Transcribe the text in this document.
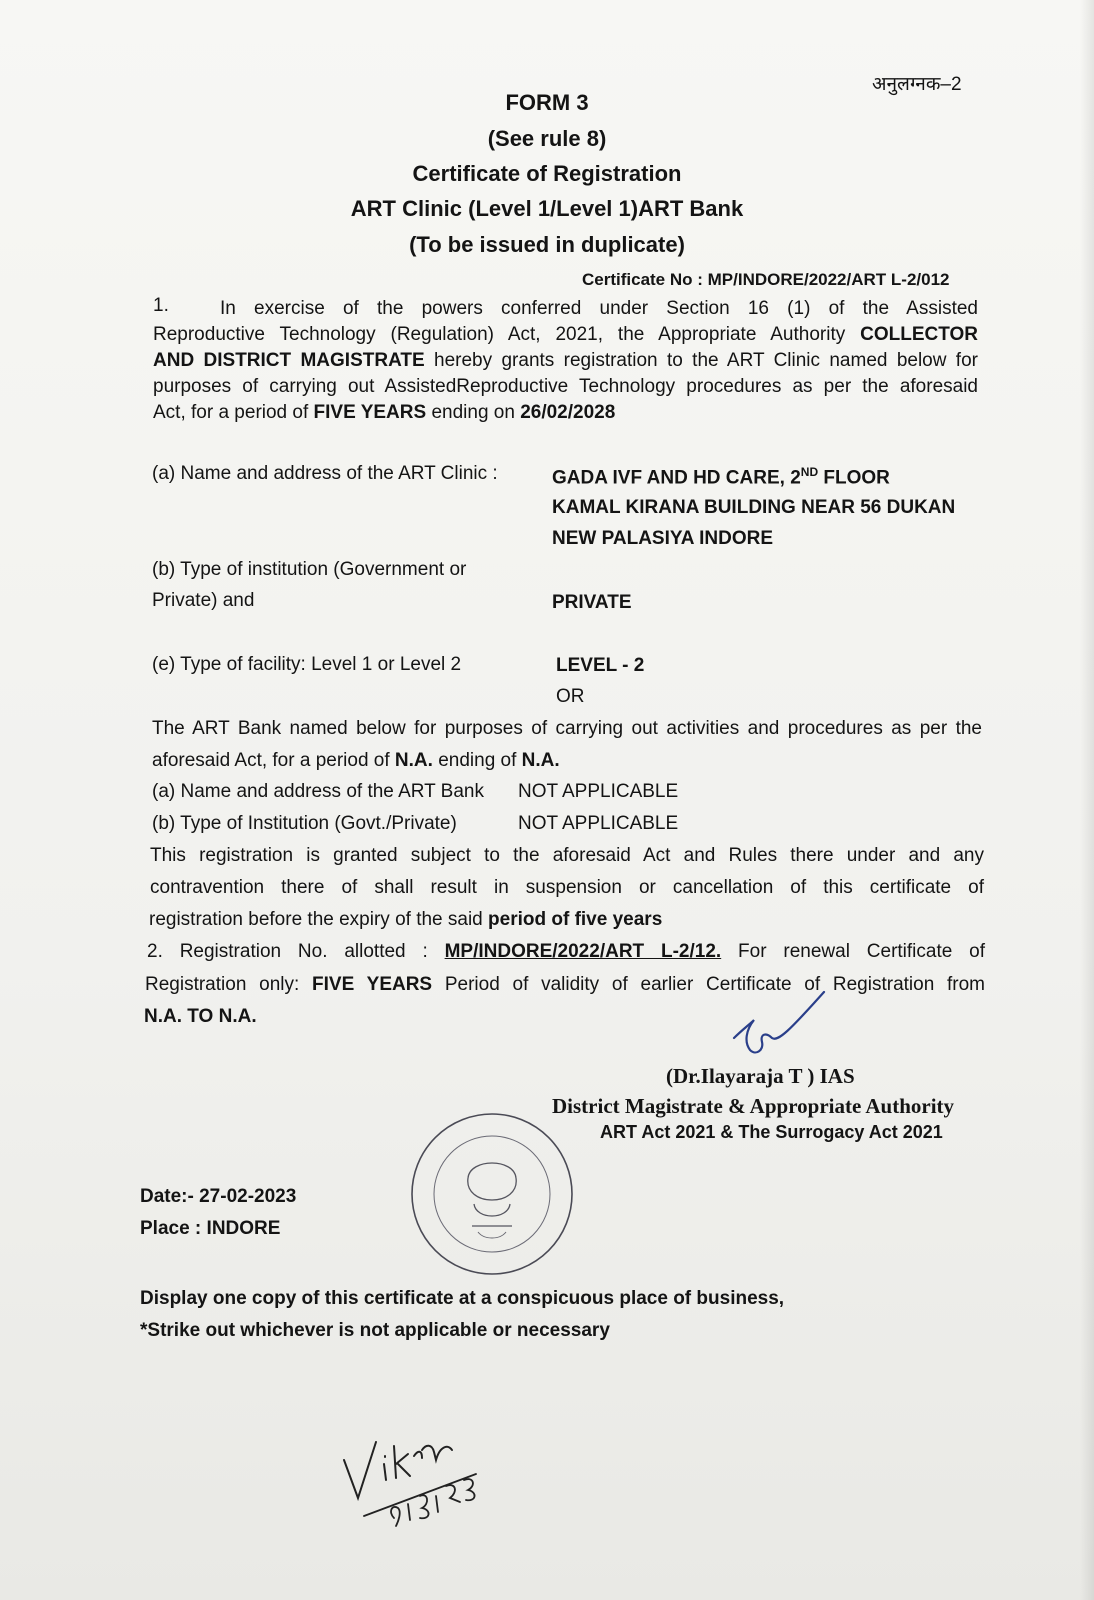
अनुलग्नक–2
FORM 3
(See rule 8)
Certificate of Registration
ART Clinic (Level 1/Level 1)ART Bank
(To be issued in duplicate)
Certificate No : MP/INDORE/2022/ART L-2/012
1.	In exercise of the powers conferred under Section 16 (1) of the Assisted
Reproductive Technology (Regulation) Act, 2021, the Appropriate Authority COLLECTOR
AND DISTRICT MAGISTRATE hereby grants registration to the ART Clinic named below for
purposes of carrying out AssistedReproductive Technology procedures as per the aforesaid
Act, for a period of FIVE YEARS ending on 26/02/2028
(a) Name and address of the ART Clinic :	GADA IVF AND HD CARE, 2ND FLOOR
KAMAL KIRANA BUILDING NEAR 56 DUKAN
NEW PALASIYA INDORE
(b) Type of institution (Government or
Private) and	PRIVATE
(e) Type of facility: Level 1 or Level 2	LEVEL - 2
OR
The ART Bank named below for purposes of carrying out activities and procedures as per the
aforesaid Act, for a period of N.A. ending of N.A.
(a) Name and address of the ART Bank NOT APPLICABLE
(b) Type of Institution (Govt./Private)	NOT APPLICABLE
This registration is granted subject to the aforesaid Act and Rules there under and any
contravention there of shall result in suspension or cancellation of this certificate of
registration before the expiry of the said period of five years
2. Registration No. allotted : MP/INDORE/2022/ART L-2/12. For renewal Certificate of
Registration only: FIVE YEARS Period of validity of earlier Certificate of Registration from
N.A. TO N.A.
(Dr.Ilayaraja T ) IAS
District Magistrate & Appropriate Authority
ART Act 2021 & The Surrogacy Act 2021
Date:- 27-02-2023
Place : INDORE
Display one copy of this certificate at a conspicuous place of business,
*Strike out whichever is not applicable or necessary
